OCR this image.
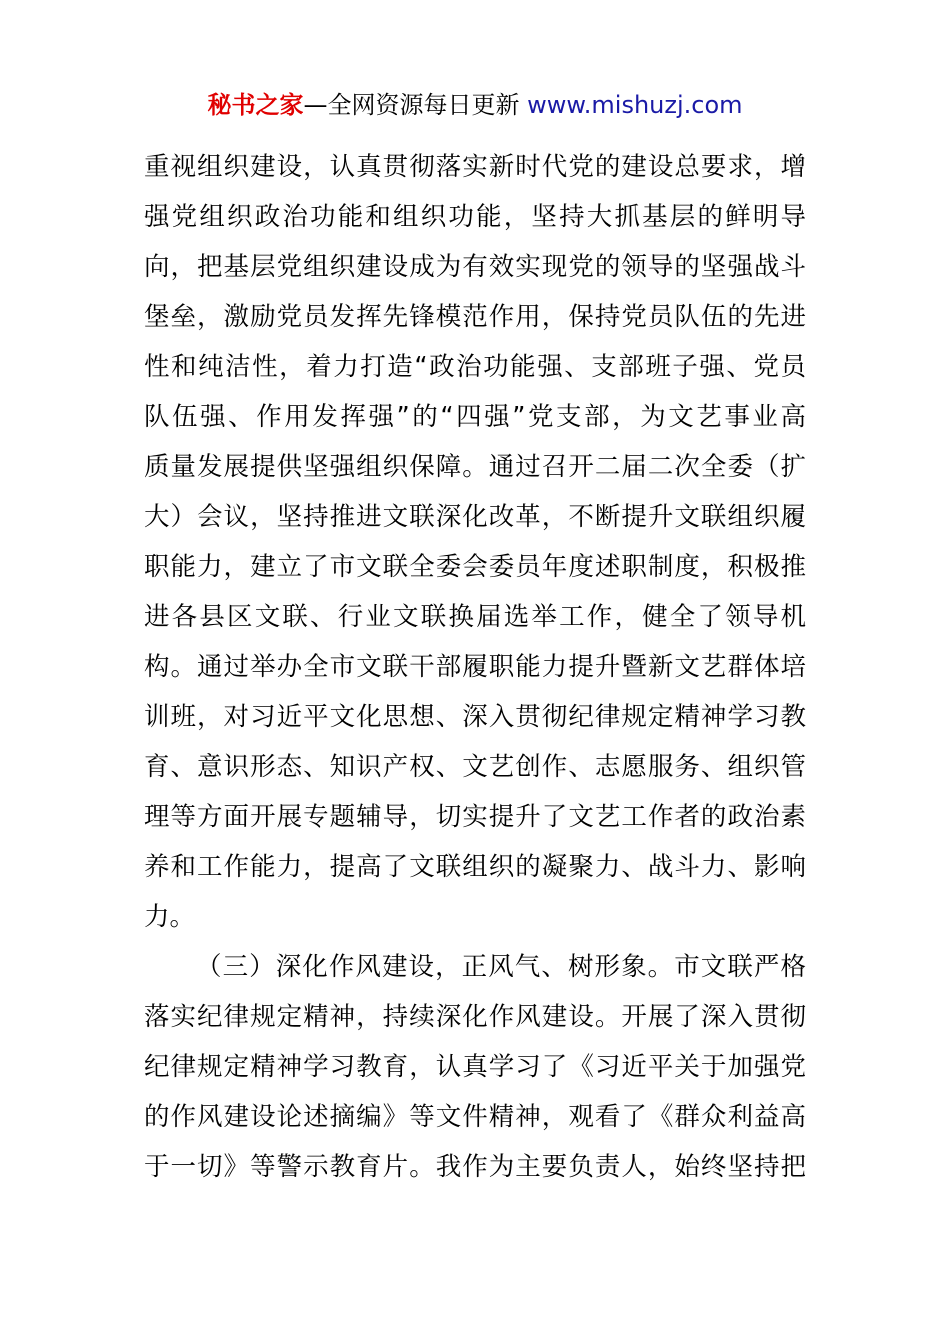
秘书之家—全网资源每日更新 www.mishuzj.com
重视组织建设，认真贯彻落实新时代党的建设总要求，增
强党组织政治功能和组织功能，坚持大抓基层的鲜明导
向，把基层党组织建设成为有效实现党的领导的坚强战斗
堡垒，激励党员发挥先锋模范作用，保持党员队伍的先进
性和纯洁性，着力打造“政治功能强、支部班子强、党员
队伍强、作用发挥强”的“四强”党支部，为文艺事业高
质量发展提供坚强组织保障。通过召开二届二次全委（扩
大）会议，坚持推进文联深化改革，不断提升文联组织履
职能力，建立了市文联全委会委员年度述职制度，积极推
进各县区文联、行业文联换届选举工作，健全了领导机
构。通过举办全市文联干部履职能力提升暨新文艺群体培
训班，对习近平文化思想、深入贯彻纪律规定精神学习教
育、意识形态、知识产权、文艺创作、志愿服务、组织管
理等方面开展专题辅导，切实提升了文艺工作者的政治素
养和工作能力，提高了文联组织的凝聚力、战斗力、影响
力。
（三）深化作风建设，正风气、树形象。市文联严格
落实纪律规定精神，持续深化作风建设。开展了深入贯彻
纪律规定精神学习教育，认真学习了《习近平关于加强党
的作风建设论述摘编》等文件精神，观看了《群众利益高
于一切》等警示教育片。我作为主要负责人，始终坚持把
